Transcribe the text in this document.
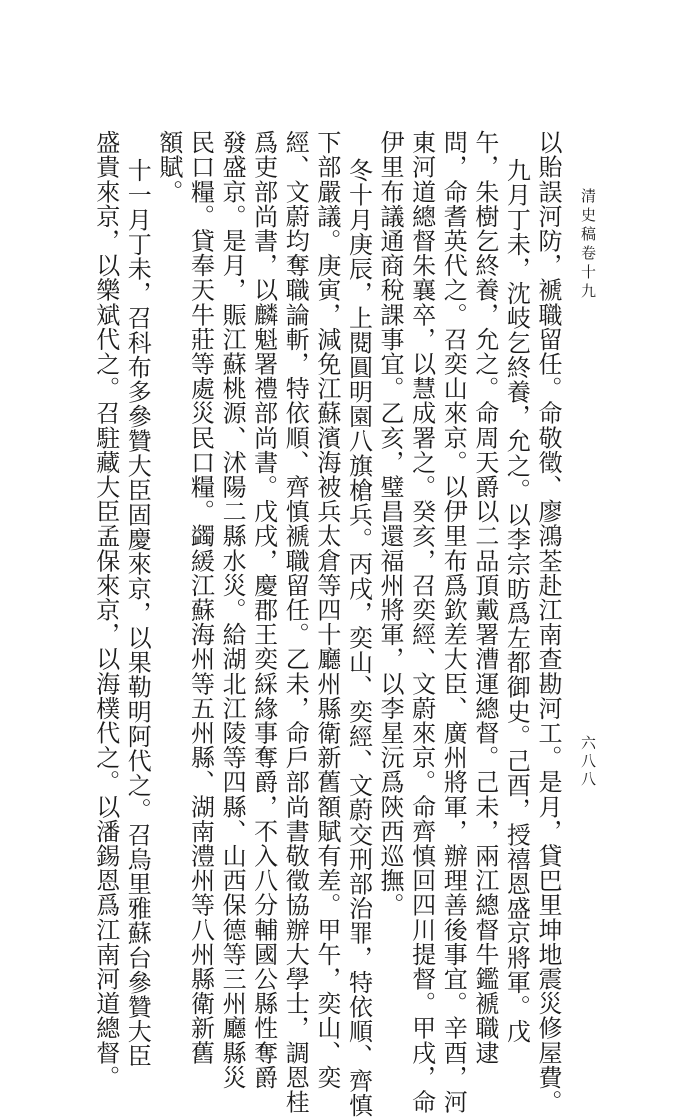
清史稿卷十九
六八八
以貽誤河防，褫職留任。命敬徵、廖鴻荃赴江南查勘河工。是月，貸巴里坤地震災修屋費。
九月丁未，沈岐乞終養，允之。以李宗昉爲左都御史。己酉，授禧恩盛京將軍。戊
午，朱樹乞終養，允之。命周天爵以二品頂戴署漕運總督。己未，兩江總督牛鑑褫職逮
問，命耆英代之。召奕山來京。以伊里布爲欽差大臣、廣州將軍，辦理善後事宜。辛酉，河
東河道總督朱襄卒，以慧成署之。癸亥，召奕經、文蔚來京。命齊慎回四川提督。甲戌，命
伊里布議通商稅課事宜。乙亥，璧昌還福州將軍，以李星沅爲陝西巡撫。
冬十月庚辰，上閱圓明園八旗槍兵。丙戌，奕山、奕經、文蔚交刑部治罪，特依順、齊慎
下部嚴議。庚寅，減免江蘇濱海被兵太倉等四十廳州縣衛新舊額賦有差。甲午，奕山、奕
經、文蔚均奪職論斬，特依順、齊慎褫職留任。乙未，命戶部尚書敬徵協辦大學士，調恩桂
爲吏部尚書，以麟魁署禮部尚書。戊戌，慶郡王奕綵緣事奪爵，不入八分輔國公縣性奪爵
發盛京。是月，賑江蘇桃源、沭陽二縣水災。給湖北江陵等四縣、山西保德等三州廳縣災
民口糧。貸奉天牛莊等處災民口糧。蠲緩江蘇海州等五州縣、湖南澧州等八州縣衛新舊
額賦。
十一月丁未，召科布多參贊大臣固慶來京，以果勒明阿代之。召烏里雅蘇台參贊大臣
盛貴來京，以樂斌代之。召駐藏大臣孟保來京，以海樸代之。以潘錫恩爲江南河道總督。
